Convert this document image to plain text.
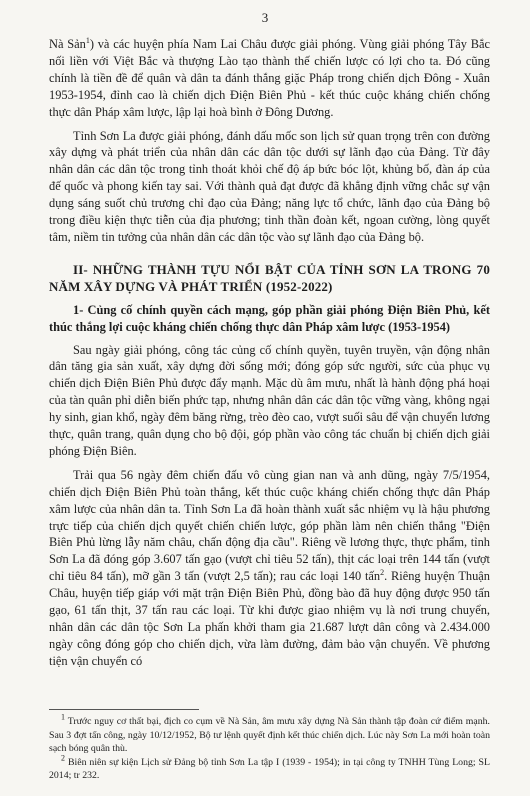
3

Nà Sản$^1$) và các huyện phía Nam Lai Châu được giải phóng. Vùng giải phóng Tây Bắc nối liền với Việt Bắc và thượng Lào tạo thành thế chiến lược có lợi cho ta. Đó cũng chính là tiền đề để quân và dân ta đánh thắng giặc Pháp trong chiến dịch Đông - Xuân 1953-1954, đỉnh cao là chiến dịch Điện Biên Phủ - kết thúc cuộc kháng chiến chống thực dân Pháp xâm lược, lập lại hoà bình ở Đông Dương.

Tỉnh Sơn La được giải phóng, đánh dấu mốc son lịch sử quan trọng trên con đường xây dựng và phát triển của nhân dân các dân tộc dưới sự lãnh đạo của Đảng. Từ đây nhân dân các dân tộc trong tỉnh thoát khỏi chế độ áp bức bóc lột, khủng bố, đàn áp của đế quốc và phong kiến tay sai. Với thành quả đạt được đã khẳng định vững chắc sự vận dụng sáng suốt chủ trương chỉ đạo của Đảng; năng lực tổ chức, lãnh đạo của Đảng bộ trong điều kiện thực tiễn của địa phương; tinh thần đoàn kết, ngoan cường, lòng quyết tâm, niềm tin tưởng của nhân dân các dân tộc vào sự lãnh đạo của Đảng bộ.

II- NHỮNG THÀNH TỰU NỔI BẬT CỦA TỈNH SƠN LA TRONG 70 NĂM XÂY DỰNG VÀ PHÁT TRIỂN (1952-2022)
1- Củng cố chính quyền cách mạng, góp phần giải phóng Điện Biên Phủ, kết thúc thắng lợi cuộc kháng chiến chống thực dân Pháp xâm lược (1953-1954)

Sau ngày giải phóng, công tác củng cố chính quyền, tuyên truyền, vận động nhân dân tăng gia sản xuất, xây dựng đời sống mới; đóng góp sức người, sức của phục vụ chiến dịch Điện Biên Phủ được đẩy mạnh. Mặc dù âm mưu, nhất là hành động phá hoại của tàn quân phỉ diễn biến phức tạp, nhưng nhân dân các dân tộc vững vàng, không ngại hy sinh, gian khổ, ngày đêm băng rừng, trèo đèo cao, vượt suối sâu để vận chuyển lương thực, quân trang, quân dụng cho bộ đội, góp phần vào công tác chuẩn bị chiến dịch giải phóng Điện Biên.

Trải qua 56 ngày đêm chiến đấu vô cùng gian nan và anh dũng, ngày 7/5/1954, chiến dịch Điện Biên Phủ toàn thắng, kết thúc cuộc kháng chiến chống thực dân Pháp xâm lược của nhân dân ta. Tỉnh Sơn La đã hoàn thành xuất sắc nhiệm vụ là hậu phương trực tiếp của chiến dịch quyết chiến chiến lược, góp phần làm nên chiến thắng "Điện Biên Phủ lừng lẫy năm châu, chấn động địa cầu". Riêng về lương thực, thực phẩm, tỉnh Sơn La đã đóng góp 3.607 tấn gạo (vượt chỉ tiêu 52 tấn), thịt các loại trên 144 tấn (vượt chỉ tiêu 84 tấn), mỡ gần 3 tấn (vượt 2,5 tấn); rau các loại 140 tấn$^2$. Riêng huyện Thuận Châu, huyện tiếp giáp với mặt trận Điện Biên Phủ, đồng bào đã huy động được 950 tấn gạo, 61 tấn thịt, 37 tấn rau các loại. Từ khi được giao nhiệm vụ là nơi trung chuyển, nhân dân các dân tộc Sơn La phấn khởi tham gia 21.687 lượt dân công và 2.434.000 ngày công đóng góp cho chiến dịch, vừa làm đường, đảm bảo vận chuyển. Về phương tiện vận chuyển có

$^1$ Trước nguy cơ thất bại, địch co cụm về Nà Sản, âm mưu xây dựng Nà Sản thành tập đoàn cứ điểm mạnh. Sau 3 đợt tấn công, ngày 10/12/1952, Bộ tư lệnh quyết định kết thúc chiến dịch. Lúc này Sơn La mới hoàn toàn sạch bóng quân thù.

$^2$ Biên niên sự kiện Lịch sử Đảng bộ tỉnh Sơn La tập I (1939 - 1954); in tại công ty TNHH Tùng Long; SL 2014; tr 232.
